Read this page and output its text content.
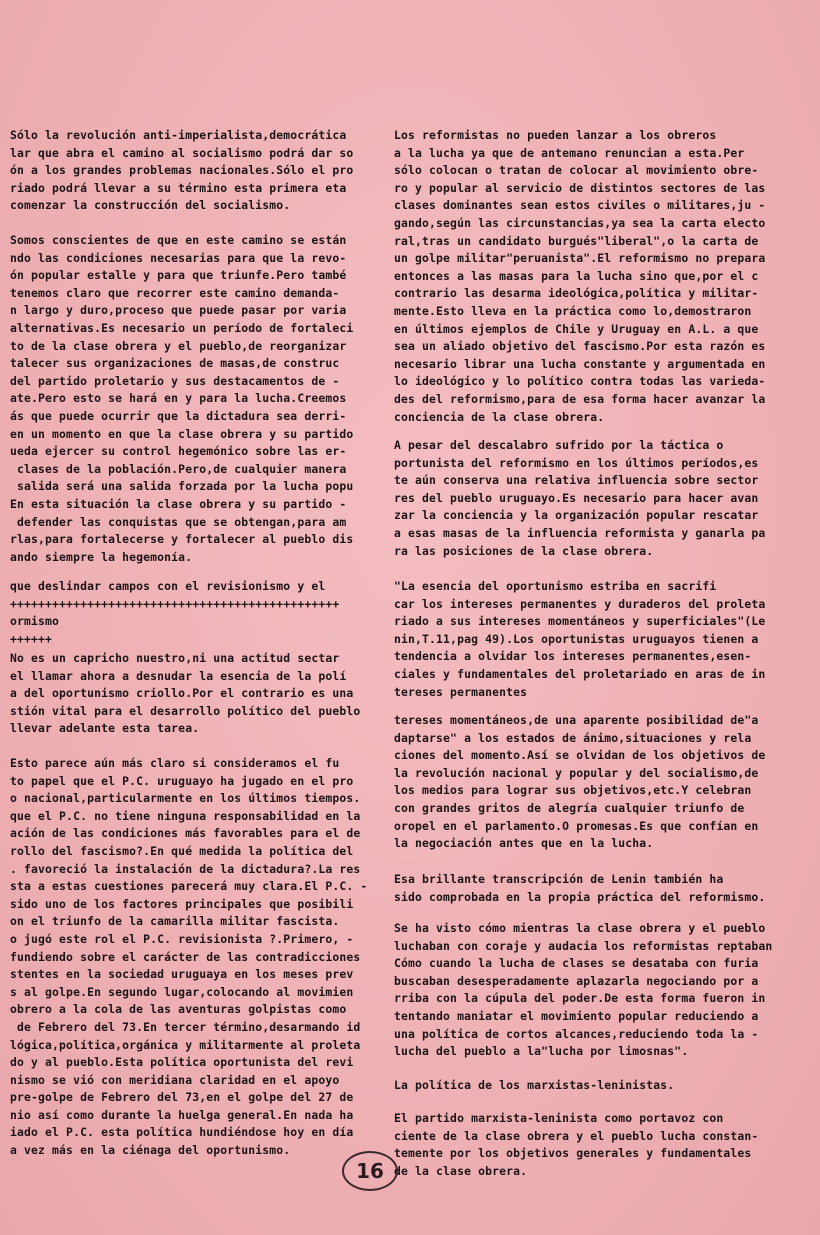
Sólo la revolución anti-imperialista,democrática
lar que abra el camino al socialismo podrá dar so
ón a los grandes problemas nacionales.Sólo el pro
riado podrá llevar a su término esta primera eta
comenzar la construcción del socialismo.
Somos conscientes de que en este camino se están
ndo las condiciones necesarias para que la revo-
ón popular estalle y para que triunfe.Pero també
tenemos claro que recorrer este camino demanda-
n largo y duro,proceso que puede pasar por varia
alternativas.Es necesario un período de fortaleci
to de la clase obrera y el pueblo,de reorganizar
talecer sus organizaciones de masas,de construc
del partido proletario y sus destacamentos de -
ate.Pero esto se hará en y para la lucha.Creemos
ás que puede ocurrir que la dictadura sea derri-
en un momento en que la clase obrera y su partido
ueda ejercer su control hegemónico sobre las er-
clases de la población.Pero,de cualquier manera
salida será una salida forzada por la lucha popu
En esta situación la clase obrera y su partido -
defender las conquistas que se obtengan,para am
rlas,para fortalecerse y fortalecer al pueblo dis
ando siempre la hegemonía.
que deslindar campos con el revisionismo y el
+++++++++++++++++++++++++++++++++++++++++++++++
ormismo
++++++
No es un capricho nuestro,ni una actitud sectar
el llamar ahora a desnudar la esencia de la polí
a del oportunismo criollo.Por el contrario es una
stión vital para el desarrollo político del pueblo
llevar adelante esta tarea.
Esto parece aún más claro si consideramos el fu
to papel que el P.C. uruguayo ha jugado en el pro
o nacional,particularmente en los últimos tiempos.
que el P.C. no tiene ninguna responsabilidad en la
ación de las condiciones más favorables para el de
rollo del fascismo?.En qué medida la política del
. favoreció la instalación de la dictadura?.La res
sta a estas cuestiones parecerá muy clara.El P.C. -
sido uno de los factores principales que posibili
on el triunfo de la camarilla militar fascista.
o jugó este rol el P.C. revisionista ?.Primero, -
fundiendo sobre el carácter de las contradicciones
stentes en la sociedad uruguaya en los meses prev
s al golpe.En segundo lugar,colocando al movimien
obrero a la cola de las aventuras golpistas como
de Febrero del 73.En tercer término,desarmando id
lógica,política,orgánica y militarmente al proleta
do y al pueblo.Esta política oportunista del revi
nismo se vió con meridiana claridad en el apoyo
pre-golpe de Febrero del 73,en el golpe del 27 de
nio así como durante la huelga general.En nada ha
iado el P.C. esta política hundiéndose hoy en día
a vez más en la ciénaga del oportunismo.
Los reformistas no pueden lanzar a los obreros
a la lucha ya que de antemano renuncian a esta.Per
sólo colocan o tratan de colocar al movimiento obre-
ro y popular al servicio de distintos sectores de las
clases dominantes sean estos civiles o militares,ju -
gando,según las circunstancias,ya sea la carta electo
ral,tras un candidato burgués"liberal",o la carta de
un golpe militar"peruanista".El reformismo no prepara
entonces a las masas para la lucha sino que,por el c
contrario las desarma ideológica,política y militar-
mente.Esto lleva en la práctica como lo,demostraron
en últimos ejemplos de Chile y Uruguay en A.L. a que
sea un aliado objetivo del fascismo.Por esta razón es
necesario librar una lucha constante y argumentada en
lo ideológico y lo político contra todas las varieda-
des del reformismo,para de esa forma hacer avanzar la
conciencia de la clase obrera.
A pesar del descalabro sufrido por la táctica o
portunista del reformismo en los últimos períodos,es
te aún conserva una relativa influencia sobre sector
res del pueblo uruguayo.Es necesario para hacer avan
zar la conciencia y la organización popular rescatar
a esas masas de la influencia reformista y ganarla pa
ra las posiciones de la clase obrera.
"La esencia del oportunismo estriba en sacrifi
car los intereses permanentes y duraderos del proleta
riado a sus intereses momentáneos y superficiales"(Le
nin,T.11,pag 49).Los oportunistas uruguayos tienen a
tendencia a olvidar los intereses permanentes,esen-
ciales y fundamentales del proletariado en aras de in
tereses permanentes
tereses momentáneos,de una aparente posibilidad de"a
daptarse" a los estados de ánimo,situaciones y rela
ciones del momento.Así se olvidan de los objetivos de
la revolución nacional y popular y del socialismo,de
los medios para lograr sus objetivos,etc.Y celebran
con grandes gritos de alegría cualquier triunfo de
oropel en el parlamento.O promesas.Es que confían en
la negociación antes que en la lucha.
Esa brillante transcripción de Lenin también ha
sido comprobada en la propia práctica del reformismo.
Se ha visto cómo mientras la clase obrera y el pueblo
luchaban con coraje y audacia los reformistas reptaban
Cómo cuando la lucha de clases se desataba con furia
buscaban desesperadamente aplazarla negociando por a
rriba con la cúpula del poder.De esta forma fueron in
tentando maniatar el movimiento popular reduciendo a
una política de cortos alcances,reduciendo toda la -
lucha del pueblo a la"lucha por limosnas".
La política de los marxistas-leninistas.
El partido marxista-leninista como portavoz con
ciente de la clase obrera y el pueblo lucha constan-
temente por los objetivos generales y fundamentales
de la clase obrera.
16
